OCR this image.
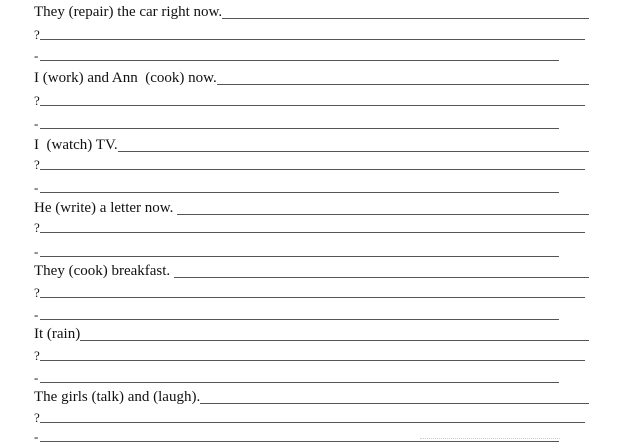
They (repair) the car right now.
?
-
I (work) and Ann  (cook) now.
?
-
I  (watch) TV.
?
-
He (write) a letter now.
?
-
They (cook) breakfast.
?
-
It (rain)
?
-
The girls (talk) and (laugh).
?
-
